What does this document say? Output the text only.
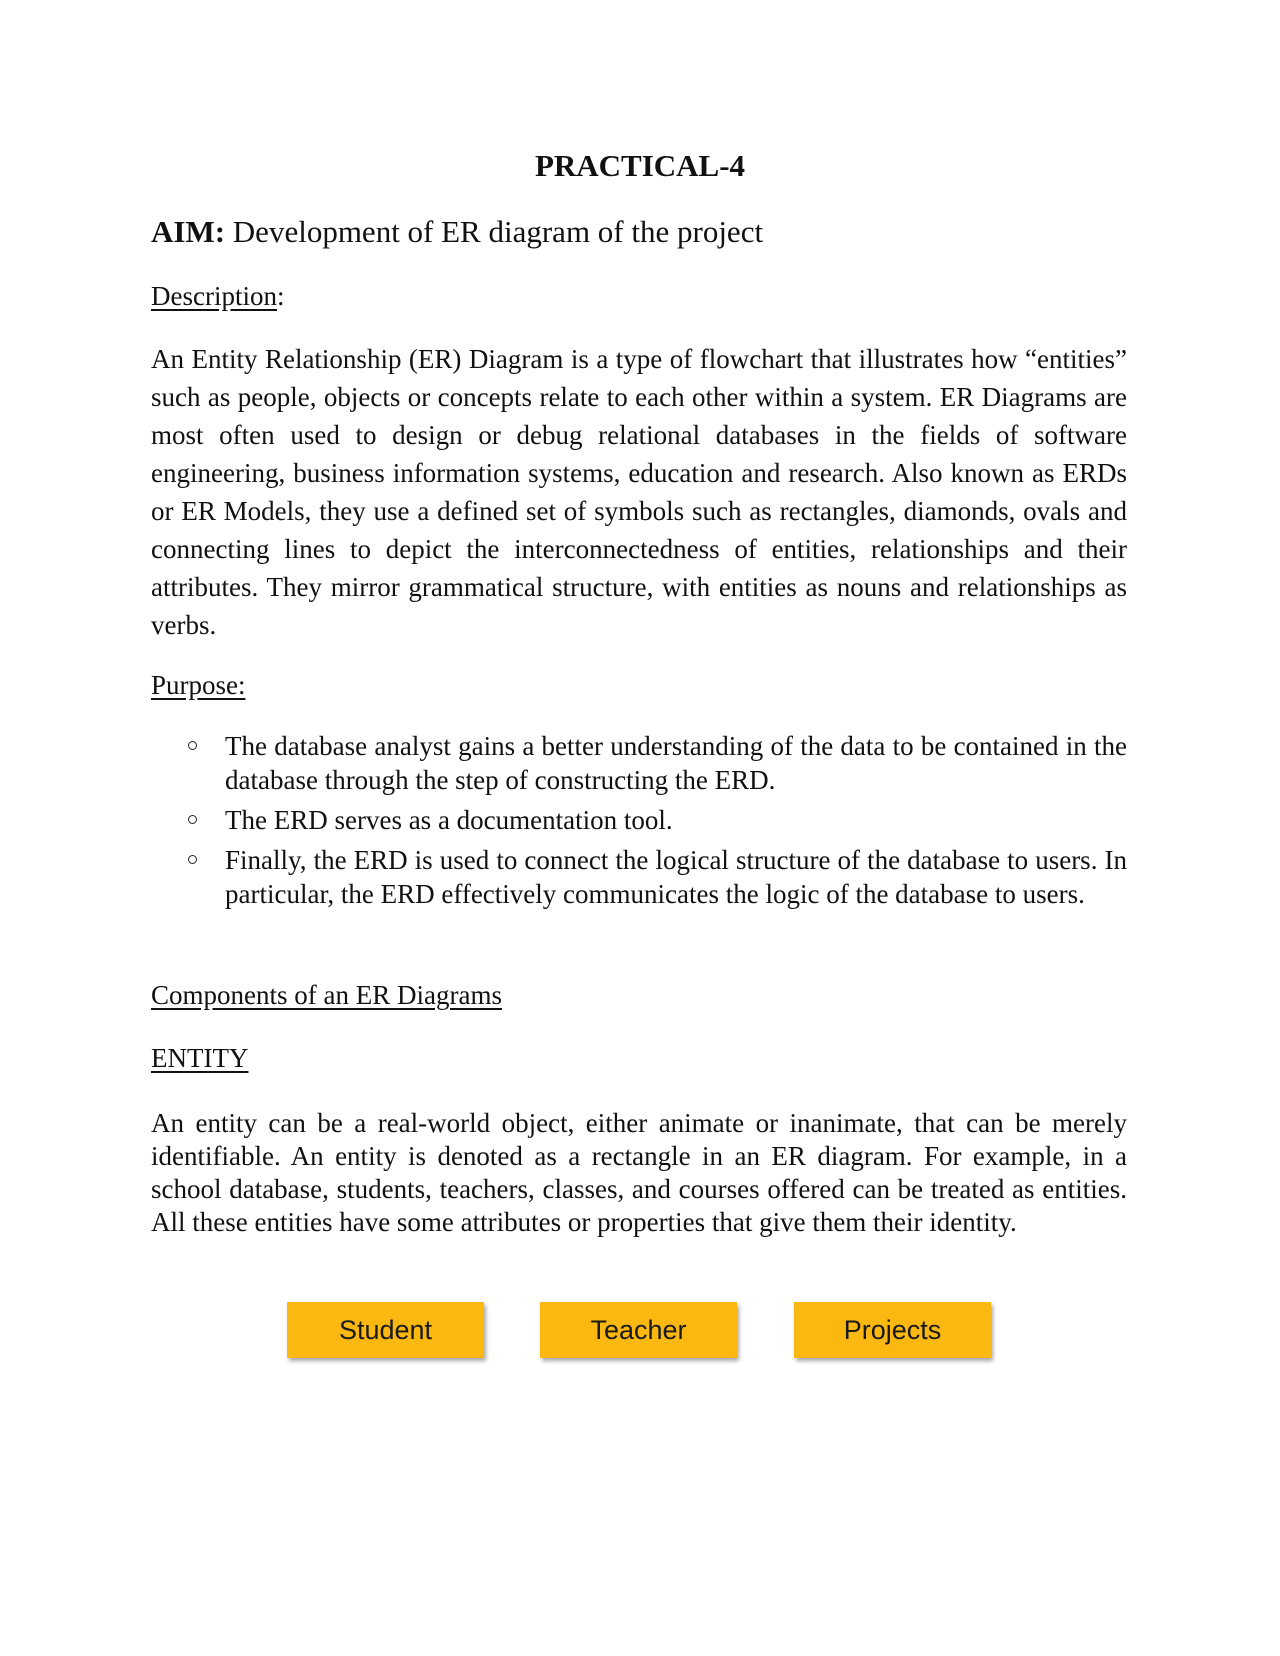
PRACTICAL-4

AIM: Development of ER diagram of the project

Description:

An Entity Relationship (ER) Diagram is a type of flowchart that illustrates how “entities” such as people, objects or concepts relate to each other within a system. ER Diagrams are most often used to design or debug relational databases in the fields of software engineering, business information systems, education and research. Also known as ERDs or ER Models, they use a defined set of symbols such as rectangles, diamonds, ovals and connecting lines to depict the interconnectedness of entities, relationships and their attributes. They mirror grammatical structure, with entities as nouns and relationships as verbs.

Purpose:

The database analyst gains a better understanding of the data to be contained in the database through the step of constructing the ERD.
The ERD serves as a documentation tool.
Finally, the ERD is used to connect the logical structure of the database to users. In particular, the ERD effectively communicates the logic of the database to users.

Components of an ER Diagrams

ENTITY

An entity can be a real-world object, either animate or inanimate, that can be merely identifiable. An entity is denoted as a rectangle in an ER diagram. For example, in a school database, students, teachers, classes, and courses offered can be treated as entities. All these entities have some attributes or properties that give them their identity.

Student	Teacher	Projects
